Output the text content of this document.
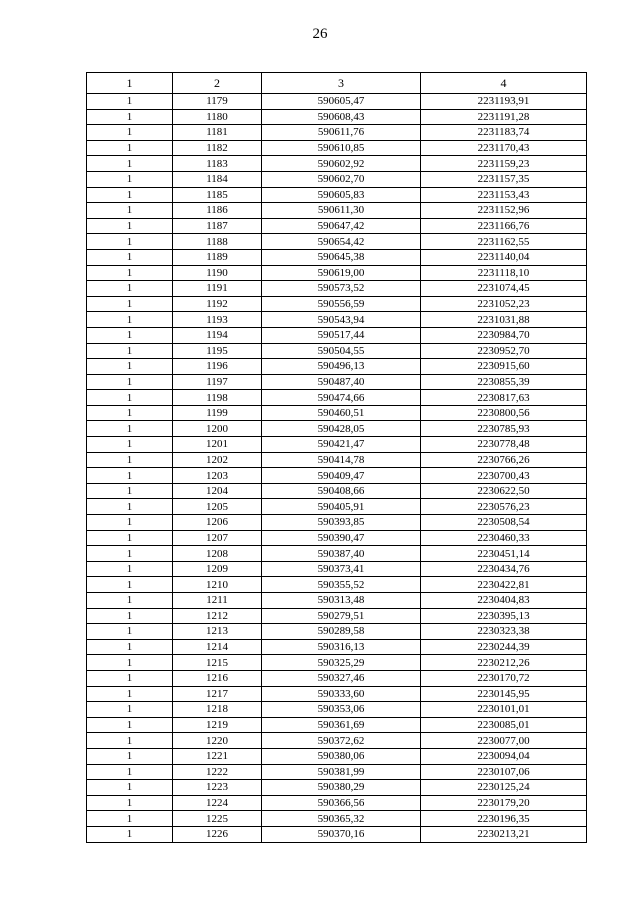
26
1	2	3	4
1	1179	590605,47	2231193,91
1	1180	590608,43	2231191,28
1	1181	590611,76	2231183,74
1	1182	590610,85	2231170,43
1	1183	590602,92	2231159,23
1	1184	590602,70	2231157,35
1	1185	590605,83	2231153,43
1	1186	590611,30	2231152,96
1	1187	590647,42	2231166,76
1	1188	590654,42	2231162,55
1	1189	590645,38	2231140,04
1	1190	590619,00	2231118,10
1	1191	590573,52	2231074,45
1	1192	590556,59	2231052,23
1	1193	590543,94	2231031,88
1	1194	590517,44	2230984,70
1	1195	590504,55	2230952,70
1	1196	590496,13	2230915,60
1	1197	590487,40	2230855,39
1	1198	590474,66	2230817,63
1	1199	590460,51	2230800,56
1	1200	590428,05	2230785,93
1	1201	590421,47	2230778,48
1	1202	590414,78	2230766,26
1	1203	590409,47	2230700,43
1	1204	590408,66	2230622,50
1	1205	590405,91	2230576,23
1	1206	590393,85	2230508,54
1	1207	590390,47	2230460,33
1	1208	590387,40	2230451,14
1	1209	590373,41	2230434,76
1	1210	590355,52	2230422,81
1	1211	590313,48	2230404,83
1	1212	590279,51	2230395,13
1	1213	590289,58	2230323,38
1	1214	590316,13	2230244,39
1	1215	590325,29	2230212,26
1	1216	590327,46	2230170,72
1	1217	590333,60	2230145,95
1	1218	590353,06	2230101,01
1	1219	590361,69	2230085,01
1	1220	590372,62	2230077,00
1	1221	590380,06	2230094,04
1	1222	590381,99	2230107,06
1	1223	590380,29	2230125,24
1	1224	590366,56	2230179,20
1	1225	590365,32	2230196,35
1	1226	590370,16	2230213,21
